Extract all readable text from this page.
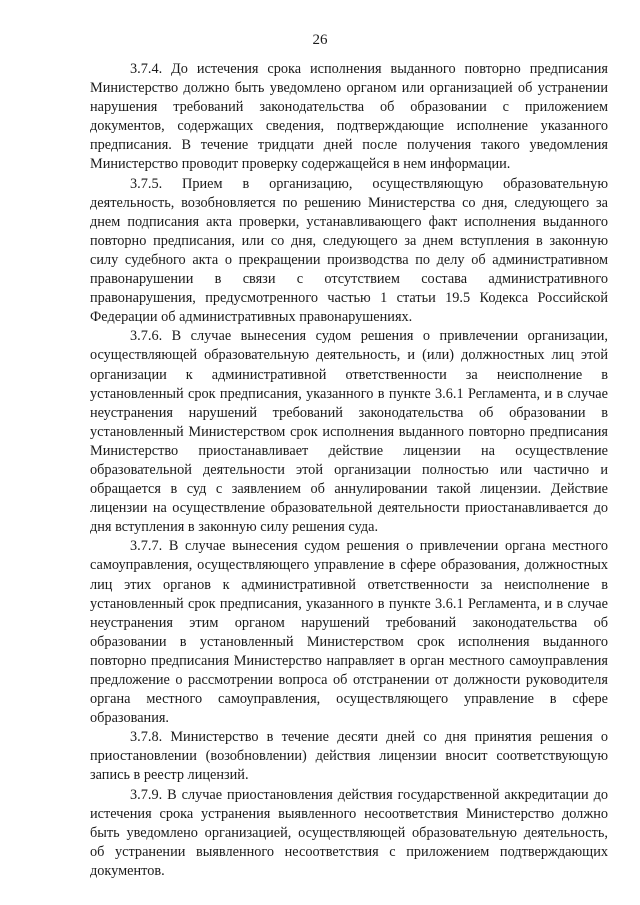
26

3.7.4. До истечения срока исполнения выданного повторно предписания Министерство должно быть уведомлено органом или организацией об устранении нарушения требований законодательства об образовании с приложением документов, содержащих сведения, подтверждающие исполнение указанного предписания. В течение тридцати дней после получения такого уведомления Министерство проводит проверку содержащейся в нем информации.

3.7.5. Прием в организацию, осуществляющую образовательную деятельность, возобновляется по решению Министерства со дня, следующего за днем подписания акта проверки, устанавливающего факт исполнения выданного повторно предписания, или со дня, следующего за днем вступления в законную силу судебного акта о прекращении производства по делу об административном правонарушении в связи с отсутствием состава административного правонарушения, предусмотренного частью 1 статьи 19.5 Кодекса Российской Федерации об административных правонарушениях.

3.7.6. В случае вынесения судом решения о привлечении организации, осуществляющей образовательную деятельность, и (или) должностных лиц этой организации к административной ответственности за неисполнение в установленный срок предписания, указанного в пункте 3.6.1 Регламента, и в случае неустранения нарушений требований законодательства об образовании в установленный Министерством срок исполнения выданного повторно предписания Министерство приостанавливает действие лицензии на осуществление образовательной деятельности этой организации полностью или частично и обращается в суд с заявлением об аннулировании такой лицензии. Действие лицензии на осуществление образовательной деятельности приостанавливается до дня вступления в законную силу решения суда.

3.7.7. В случае вынесения судом решения о привлечении органа местного самоуправления, осуществляющего управление в сфере образования, должностных лиц этих органов к административной ответственности за неисполнение в установленный срок предписания, указанного в пункте 3.6.1 Регламента, и в случае неустранения этим органом нарушений требований законодательства об образовании в установленный Министерством срок исполнения выданного повторно предписания Министерство направляет в орган местного самоуправления предложение о рассмотрении вопроса об отстранении от должности руководителя органа местного самоуправления, осуществляющего управление в сфере образования.

3.7.8. Министерство в течение десяти дней со дня принятия решения о приостановлении (возобновлении) действия лицензии вносит соответствующую запись в реестр лицензий.

3.7.9. В случае приостановления действия государственной аккредитации до истечения срока устранения выявленного несоответствия Министерство должно быть уведомлено организацией, осуществляющей образовательную деятельность, об устранении выявленного несоответствия с приложением подтверждающих документов.
